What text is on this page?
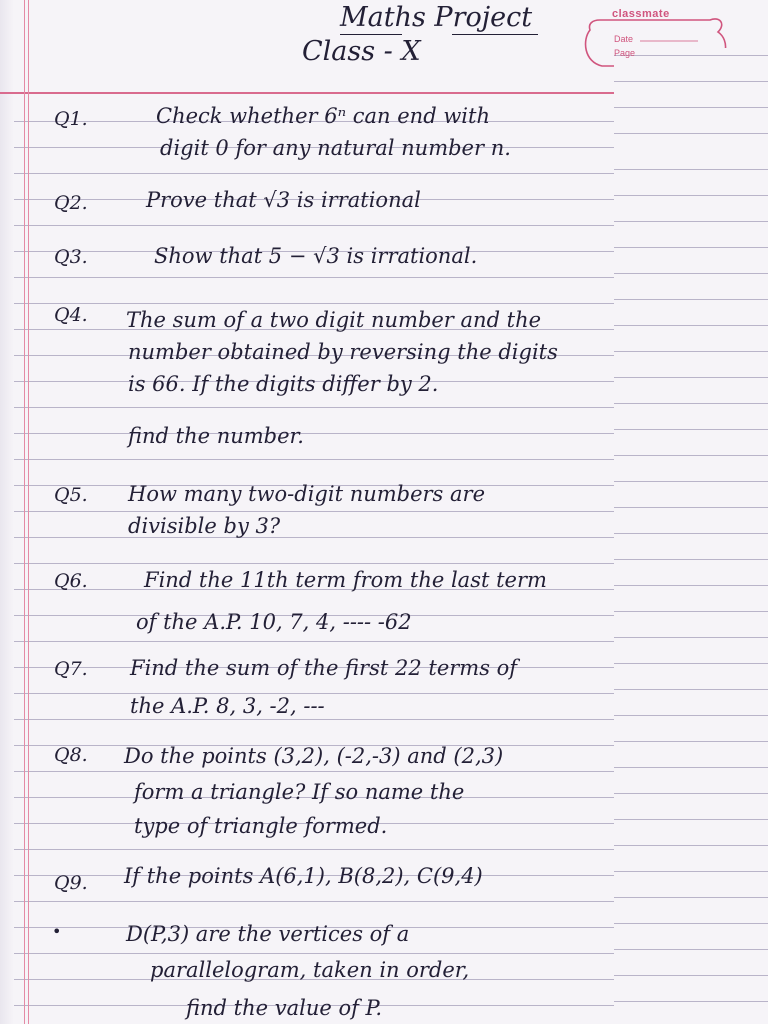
Maths Project
Class - X
classmate
Date
Page
Q1.	Check whether 6ⁿ can end with
digit 0 for any natural number n.
Q2.	Prove that √3 is irrational
Q3.	Show that 5 − √3 is irrational.
Q4. The sum of a two digit number and the
number obtained by reversing the digits
is 66. If the digits differ by 2.
find the number.
Q5. How many two-digit numbers are
divisible by 3?
Q6.	Find the 11th term from the last term
of the A.P. 10, 7, 4, ---- -62
Q7. Find the sum of the first 22 terms of
the A.P. 8, 3, -2, ---
Q8. Do the points (3,2), (-2,-3) and (2,3)
form a triangle? If so name the
type of triangle formed.
Q9. If the points A(6,1), B(8,2), C(9,4)
•	D(P,3) are the vertices of a
parallelogram, taken in order,
find the value of P.
